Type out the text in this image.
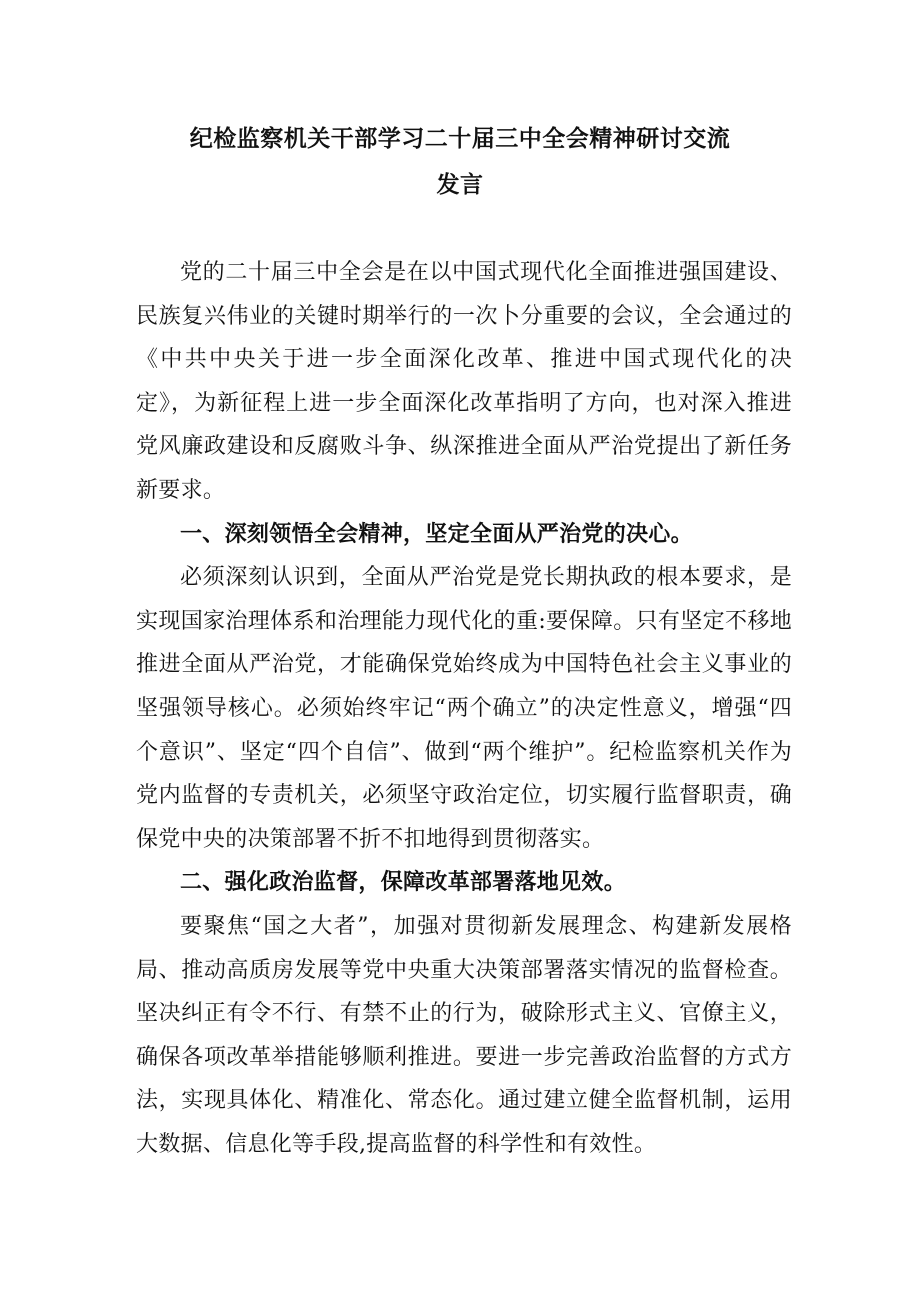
纪检监察机关干部学习二十届三中全会精神研讨交流
发言

党的二十届三中全会是在以中国式现代化全面推进强国建设、民族复兴伟业的关键时期举行的一次卜分重要的会议，全会通过的《中共中央关于进一步全面深化改革、推进中国式现代化的决定》，为新征程上进一步全面深化改革指明了方向，也对深入推进党风廉政建设和反腐败斗争、纵深推进全面从严治党提出了新任务新要求。

一、深刻领悟全会精神，坚定全面从严治党的决心。

必须深刻认识到，全面从严治党是党长期执政的根本要求，是实现国家治理体系和治理能力现代化的重:要保障。只有坚定不移地推进全面从严治党，才能确保党始终成为中国特色社会主义事业的坚强领导核心。必须始终牢记“两个确立”的决定性意义，增强“四个意识”、坚定“四个自信”、做到“两个维护”。纪检监察机关作为党内监督的专责机关，必须坚守政治定位，切实履行监督职责，确保党中央的决策部署不折不扣地得到贯彻落实。

二、强化政治监督，保障改革部署落地见效。

要聚焦“国之大者”，加强对贯彻新发展理念、构建新发展格局、推动高质房发展等党中央重大决策部署落实情况的监督检查。坚决纠正有令不行、有禁不止的行为，破除形式主义、官僚主义，确保各项改革举措能够顺利推进。要进一步完善政治监督的方式方法，实现具体化、精准化、常态化。通过建立健全监督机制，运用大数据、信息化等手段,提高监督的科学性和有效性。
